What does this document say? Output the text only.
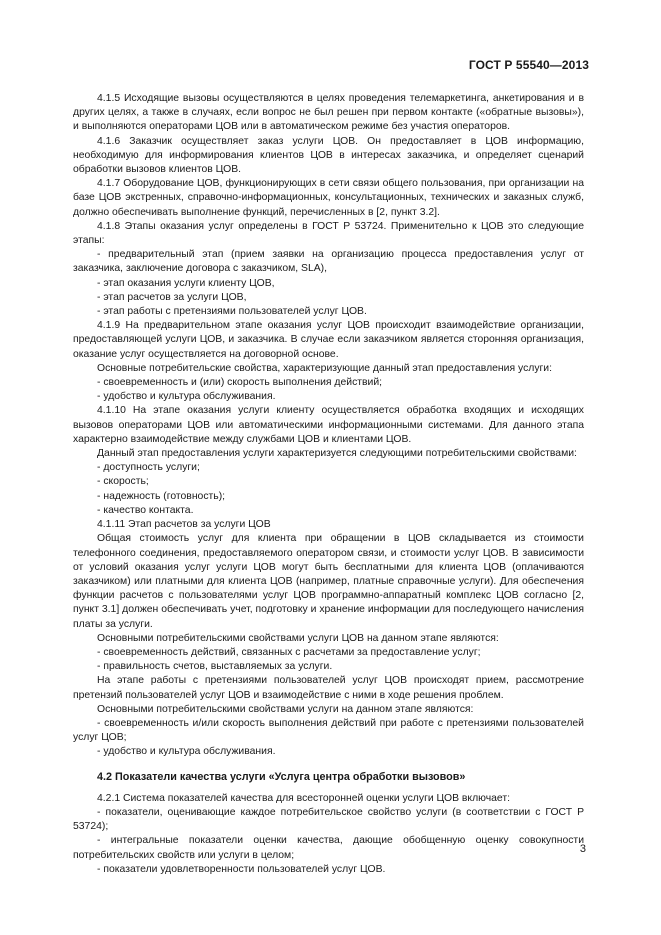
ГОСТ Р 55540—2013

4.1.5 Исходящие вызовы осуществляются в целях проведения телемаркетинга, анкетирования и в других целях, а также в случаях, если вопрос не был решен при первом контакте («обратные вызовы»), и выполняются операторами ЦОВ или в автоматическом режиме без участия операторов.

4.1.6 Заказчик осуществляет заказ услуги ЦОВ. Он предоставляет в ЦОВ информацию, необходимую для информирования клиентов ЦОВ в интересах заказчика, и определяет сценарий обработки вызовов клиентов ЦОВ.

4.1.7 Оборудование ЦОВ, функционирующих в сети связи общего пользования, при организации на базе ЦОВ экстренных, справочно-информационных, консультационных, технических и заказных служб, должно обеспечивать выполнение функций, перечисленных в [2, пункт 3.2].

4.1.8 Этапы оказания услуг определены в ГОСТ Р 53724. Применительно к ЦОВ это следующие этапы:

- предварительный этап (прием заявки на организацию процесса предоставления услуг от заказчика, заключение договора с заказчиком, SLA),

- этап оказания услуги клиенту ЦОВ,

- этап расчетов за услуги ЦОВ,

- этап работы с претензиями пользователей услуг ЦОВ.

4.1.9 На предварительном этапе оказания услуг ЦОВ происходит взаимодействие организации, предоставляющей услуги ЦОВ, и заказчика. В случае если заказчиком является сторонняя организация, оказание услуг осуществляется на договорной основе.

Основные потребительские свойства, характеризующие данный этап предоставления услуги:

- своевременность и (или) скорость выполнения действий;

- удобство и культура обслуживания.

4.1.10 На этапе оказания услуги клиенту осуществляется обработка входящих и исходящих вызовов операторами ЦОВ или автоматическими информационными системами. Для данного этапа характерно взаимодействие между службами ЦОВ и клиентами ЦОВ.

Данный этап предоставления услуги характеризуется следующими потребительскими свойствами:

- доступность услуги;

- скорость;

- надежность (готовность);

- качество контакта.

4.1.11 Этап расчетов за услуги ЦОВ

Общая стоимость услуг для клиента при обращении в ЦОВ складывается из стоимости телефонного соединения, предоставляемого оператором связи, и стоимости услуг ЦОВ. В зависимости от условий оказания услуг услуги ЦОВ могут быть бесплатными для клиента ЦОВ (оплачиваются заказчиком) или платными для клиента ЦОВ (например, платные справочные услуги). Для обеспечения функции расчетов с пользователями услуг ЦОВ программно-аппаратный комплекс ЦОВ согласно [2, пункт 3.1] должен обеспечивать учет, подготовку и хранение информации для последующего начисления платы за услуги.

Основными потребительскими свойствами услуги ЦОВ на данном этапе являются:

- своевременность действий, связанных с расчетами за предоставление услуг;

- правильность счетов, выставляемых за услуги.

На этапе работы с претензиями пользователей услуг ЦОВ происходят прием, рассмотрение претензий пользователей услуг ЦОВ и взаимодействие с ними в ходе решения проблем.

Основными потребительскими свойствами услуги на данном этапе являются:

- своевременность и/или скорость выполнения действий при работе с претензиями пользователей услуг ЦОВ;

- удобство и культура обслуживания.

4.2 Показатели качества услуги «Услуга центра обработки вызовов»

4.2.1 Система показателей качества для всесторонней оценки услуги ЦОВ включает:

- показатели, оценивающие каждое потребительское свойство услуги (в соответствии с ГОСТ Р 53724);

- интегральные показатели оценки качества, дающие обобщенную оценку совокупности потребительских свойств или услуги в целом;

- показатели удовлетворенности пользователей услуг ЦОВ.

3
